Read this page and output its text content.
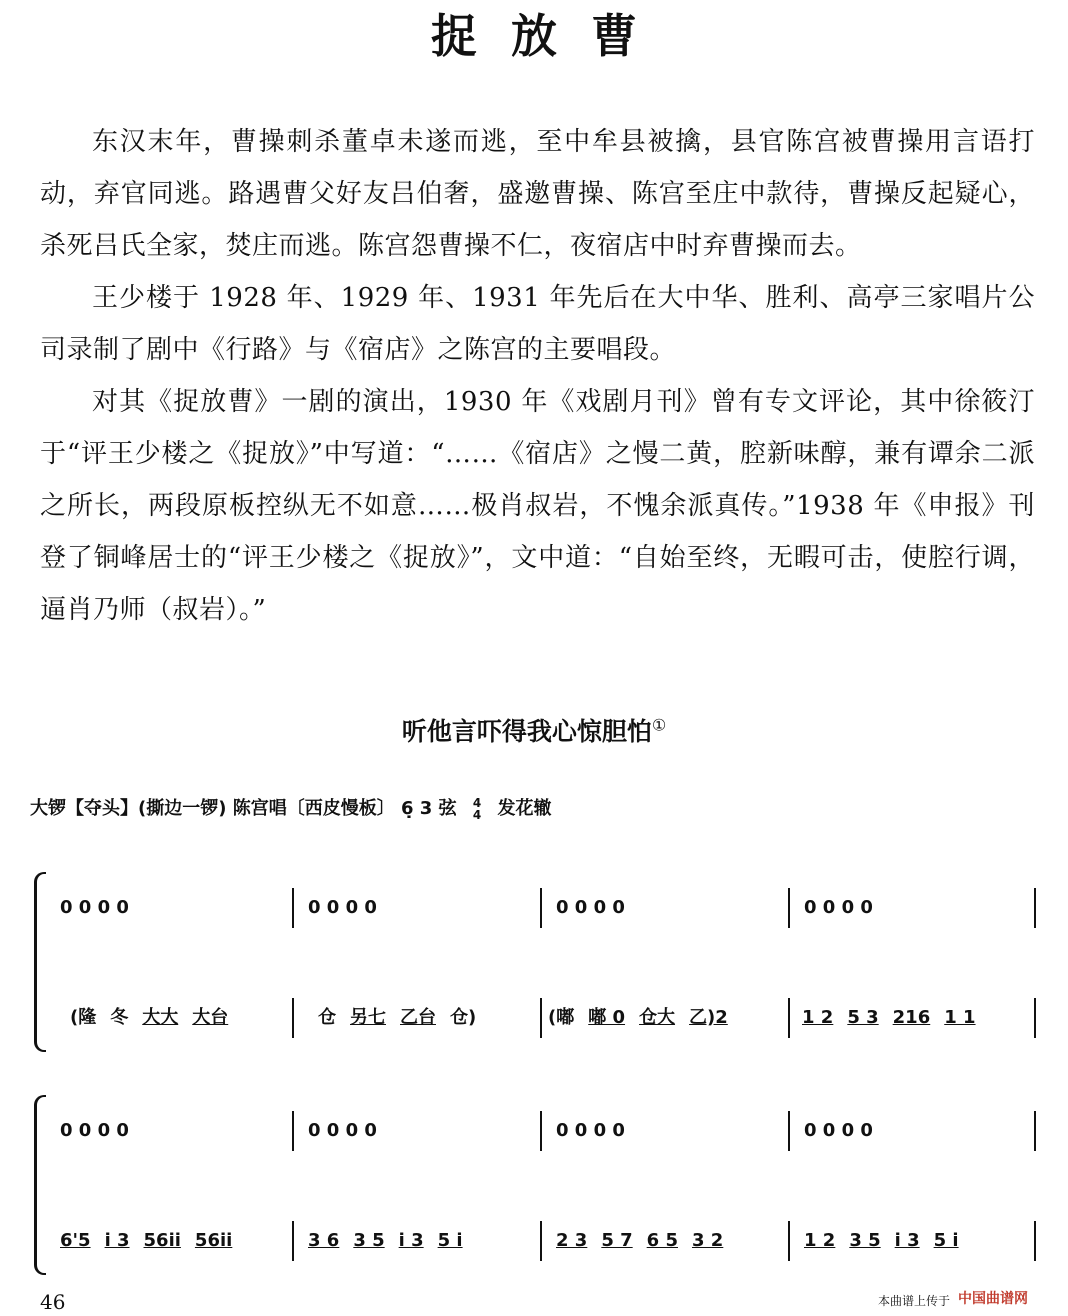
捉放曹

东汉末年，曹操刺杀董卓未遂而逃，至中牟县被擒，县官陈宫被曹操用言语打动，弃官同逃。路遇曹父好友吕伯奢，盛邀曹操、陈宫至庄中款待，曹操反起疑心，杀死吕氏全家，焚庄而逃。陈宫怨曹操不仁，夜宿店中时弃曹操而去。

王少楼于 1928 年、1929 年、1931 年先后在大中华、胜利、高亭三家唱片公司录制了剧中《行路》与《宿店》之陈宫的主要唱段。

对其《捉放曹》一剧的演出，1930 年《戏剧月刊》曾有专文评论，其中徐筱汀于“评王少楼之《捉放》”中写道：“……《宿店》之慢二黄，腔新味醇，兼有谭余二派之所长，两段原板控纵无不如意……极肖叔岩，不愧余派真传。”1938 年《申报》刊登了铜峰居士的“评王少楼之《捉放》”，文中道：“自始至终，无暇可击，使腔行调，逼肖乃师（叔岩）。”

听他言吓得我心惊胆怕①
大锣【夺头】(撕边一锣) 陈宫唱〔西皮慢板〕 6̣ 3 弦 4
4 发花辙
0 0 0 0	0 0 0 0	0 0 0 0	0 0 0 0
(隆 冬 大大 大台	仓 另七 乙台 仓)	(嘟 嘟 0 仓大 乙)2	1 2 5 3 216 1 1
0 0 0 0	0 0 0 0	0 0 0 0	0 0 0 0
6'5 i 3 56ii 56ii	3 6 3 5 i 3 5 i	2 3 5 7 6 5 3 2	1 2 3 5 i 3 5 i
46	本曲谱上传于 中国曲谱网
